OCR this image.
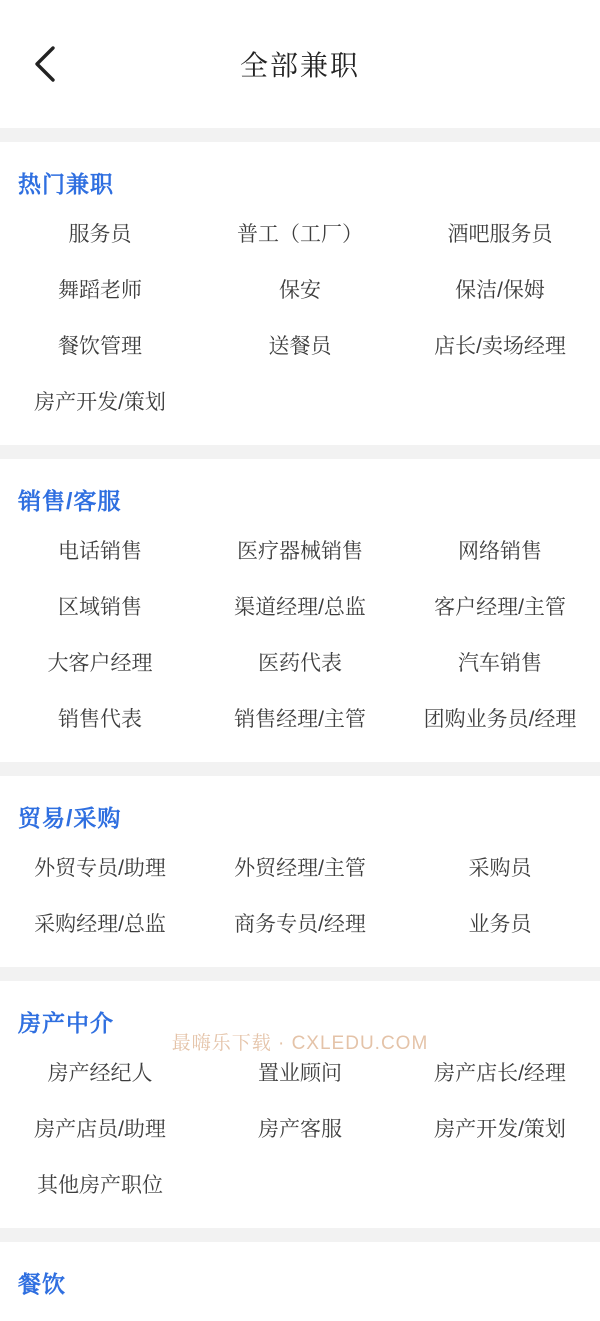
全部兼职
热门兼职
服务员	普工（工厂）	酒吧服务员
舞蹈老师	保安	保洁/保姆
餐饮管理	送餐员	店长/卖场经理
房产开发/策划
销售/客服
电话销售	医疗器械销售	网络销售
区域销售	渠道经理/总监	客户经理/主管
大客户经理	医药代表	汽车销售
销售代表	销售经理/主管	团购业务员/经理
贸易/采购
外贸专员/助理	外贸经理/主管	采购员
采购经理/总监	商务专员/经理	业务员
房产中介
房产经纪人	置业顾问	房产店长/经理
房产店员/助理	房产客服	房产开发/策划
其他房产职位
餐饮
最嗨乐下载 · CXLEDU.COM
